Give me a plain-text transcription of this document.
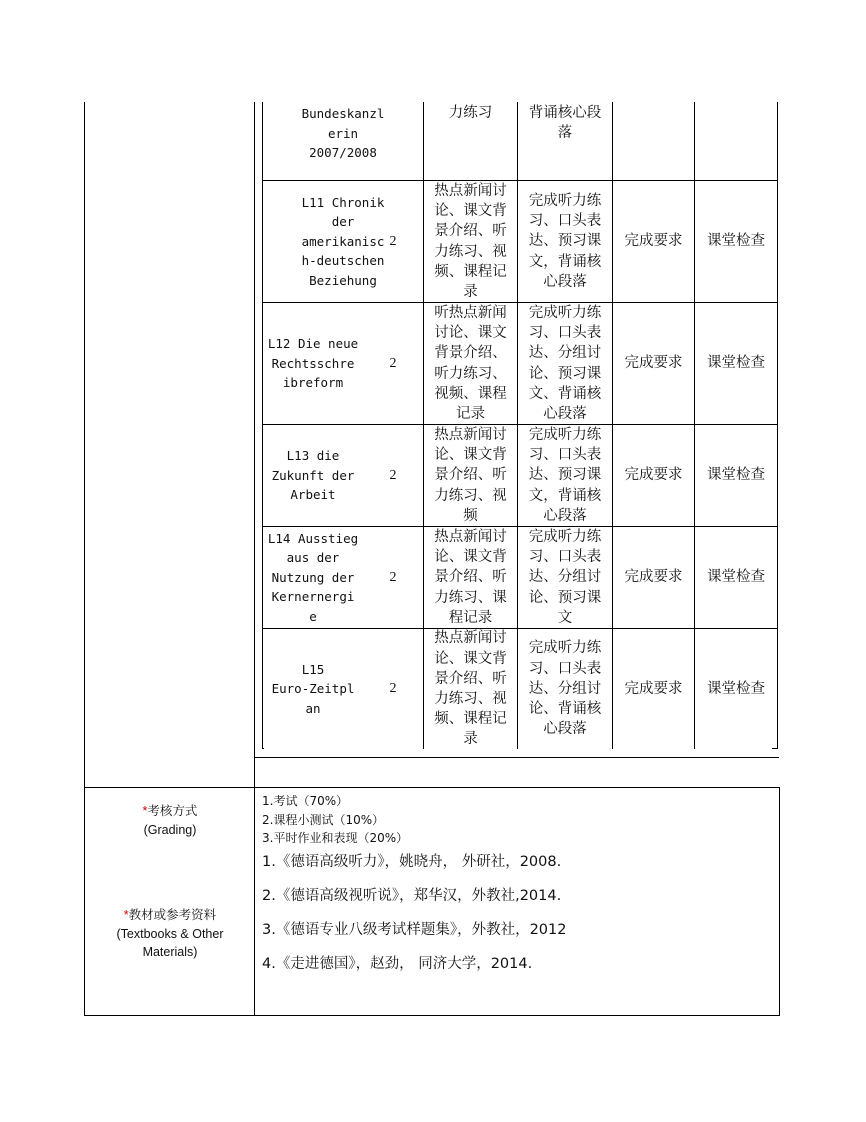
Bundeskanzl
erin
2007/2008
力练习	背诵核心段
落
L11 Chronik
der
amerikanisc
h-deutschen
Beziehung
2
热点新闻讨
论、课文背
景介绍、听
力练习、视
频、课程记
录
完成听力练
习、口头表
达、预习课
文，背诵核
心段落
完成要求 课堂检查
L12 Die neue
Rechtsschre
ibreform
2
听热点新闻
讨论、课文
背景介绍、
听力练习、
视频、课程
记录
完成听力练
习、口头表
达、分组讨
论、预习课
文、背诵核
心段落
完成要求 课堂检查
L13 die
Zukunft der
Arbeit
2
热点新闻讨
论、课文背
景介绍、听
力练习、视
频
完成听力练
习、口头表
达、预习课
文，背诵核
心段落
完成要求 课堂检查
L14 Ausstieg
aus der
Nutzung der
Kernernergi
e
2
热点新闻讨
论、课文背
景介绍、听
力练习、课
程记录
完成听力练
习、口头表
达、分组讨
论、预习课
文
完成要求 课堂检查
L15
Euro-Zeitpl
an
2
热点新闻讨
论、课文背
景介绍、听
力练习、视
频、课程记
录
完成听力练
习、口头表
达、分组讨
论、背诵核
心段落
完成要求 课堂检查
*考核方式
(Grading)
1.考试（70%）
2.课程小测试（10%）
3.平时作业和表现（20%）
*教材或参考资料
(Textbooks & Other
Materials)
1.《德语高级听力》，姚晓舟， 外研社，2008.
2.《德语高级视听说》，郑华汉，外教社,2014.
3.《德语专业八级考试样题集》，外教社，2012
4.《走进德国》，赵劲， 同济大学，2014.
